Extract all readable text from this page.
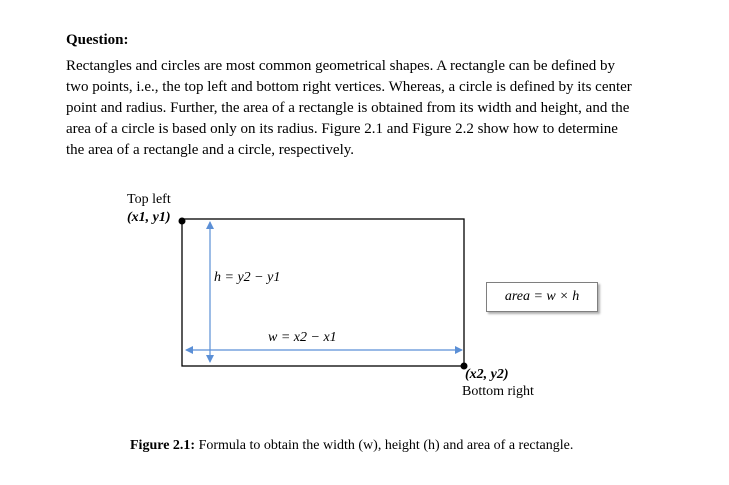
Question:
Rectangles and circles are most common geometrical shapes. A rectangle can be defined by
two points, i.e., the top left and bottom right vertices. Whereas, a circle is defined by its center
point and radius. Further, the area of a rectangle is obtained from its width and height, and the
area of a circle is based only on its radius. Figure 2.1 and Figure 2.2 show how to determine
the area of a rectangle and a circle, respectively.
Top left
(x1, y1)
h = y2 − y1
w = x2 − x1
area = w × h
(x2, y2)
Bottom right
Figure 2.1: Formula to obtain the width (w), height (h) and area of a rectangle.
